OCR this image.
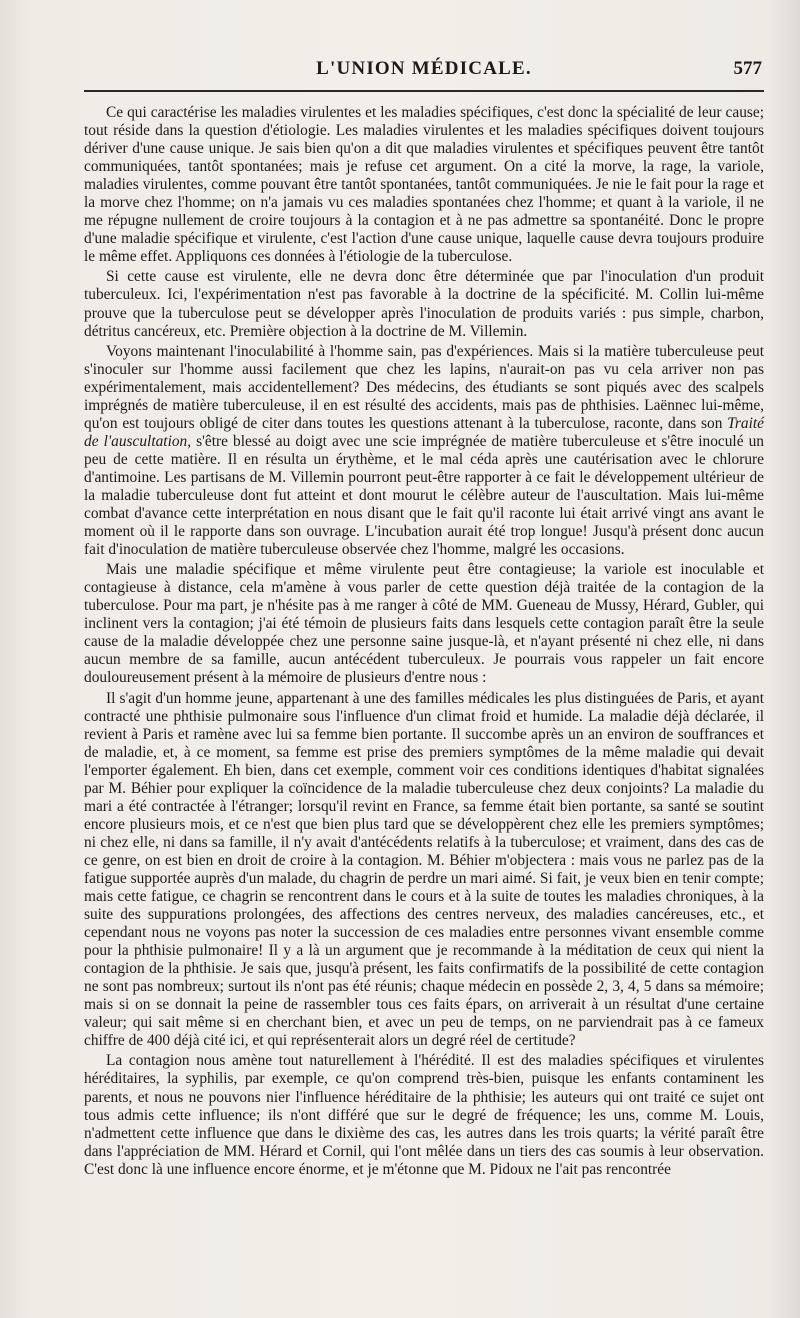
L'UNION MÉDICALE.	577

Ce qui caractérise les maladies virulentes et les maladies spécifiques, c'est donc la spécialité de leur cause; tout réside dans la question d'étiologie. Les maladies virulentes et les maladies spécifiques doivent toujours dériver d'une cause unique. Je sais bien qu'on a dit que maladies virulentes et spécifiques peuvent être tantôt communiquées, tantôt spontanées; mais je refuse cet argument. On a cité la morve, la rage, la variole, maladies virulentes, comme pouvant être tantôt spontanées, tantôt communiquées. Je nie le fait pour la rage et la morve chez l'homme; on n'a jamais vu ces maladies spontanées chez l'homme; et quant à la variole, il ne me répugne nullement de croire toujours à la contagion et à ne pas admettre sa spontanéité. Donc le propre d'une maladie spécifique et virulente, c'est l'action d'une cause unique, laquelle cause devra toujours produire le même effet. Appliquons ces données à l'étiologie de la tuberculose.

Si cette cause est virulente, elle ne devra donc être déterminée que par l'inoculation d'un produit tuberculeux. Ici, l'expérimentation n'est pas favorable à la doctrine de la spécificité. M. Collin lui-même prouve que la tuberculose peut se développer après l'inoculation de produits variés : pus simple, charbon, détritus cancéreux, etc. Première objection à la doctrine de M. Villemin.

Voyons maintenant l'inoculabilité à l'homme sain, pas d'expériences. Mais si la matière tuberculeuse peut s'inoculer sur l'homme aussi facilement que chez les lapins, n'aurait-on pas vu cela arriver non pas expérimentalement, mais accidentellement? Des médecins, des étudiants se sont piqués avec des scalpels imprégnés de matière tuberculeuse, il en est résulté des accidents, mais pas de phthisies. Laënnec lui-même, qu'on est toujours obligé de citer dans toutes les questions attenant à la tuberculose, raconte, dans son Traité de l'auscultation, s'être blessé au doigt avec une scie imprégnée de matière tuberculeuse et s'être inoculé un peu de cette matière. Il en résulta un érythème, et le mal céda après une cautérisation avec le chlorure d'antimoine. Les partisans de M. Villemin pourront peut-être rapporter à ce fait le développement ultérieur de la maladie tuberculeuse dont fut atteint et dont mourut le célèbre auteur de l'auscultation. Mais lui-même combat d'avance cette interprétation en nous disant que le fait qu'il raconte lui était arrivé vingt ans avant le moment où il le rapporte dans son ouvrage. L'incubation aurait été trop longue! Jusqu'à présent donc aucun fait d'inoculation de matière tuberculeuse observée chez l'homme, malgré les occasions.

Mais une maladie spécifique et même virulente peut être contagieuse; la variole est inoculable et contagieuse à distance, cela m'amène à vous parler de cette question déjà traitée de la contagion de la tuberculose. Pour ma part, je n'hésite pas à me ranger à côté de MM. Gueneau de Mussy, Hérard, Gubler, qui inclinent vers la contagion; j'ai été témoin de plusieurs faits dans lesquels cette contagion paraît être la seule cause de la maladie développée chez une personne saine jusque-là, et n'ayant présenté ni chez elle, ni dans aucun membre de sa famille, aucun antécédent tuberculeux. Je pourrais vous rappeler un fait encore douloureusement présent à la mémoire de plusieurs d'entre nous :

Il s'agit d'un homme jeune, appartenant à une des familles médicales les plus distinguées de Paris, et ayant contracté une phthisie pulmonaire sous l'influence d'un climat froid et humide. La maladie déjà déclarée, il revient à Paris et ramène avec lui sa femme bien portante. Il succombe après un an environ de souffrances et de maladie, et, à ce moment, sa femme est prise des premiers symptômes de la même maladie qui devait l'emporter également. Eh bien, dans cet exemple, comment voir ces conditions identiques d'habitat signalées par M. Béhier pour expliquer la coïncidence de la maladie tuberculeuse chez deux conjoints? La maladie du mari a été contractée à l'étranger; lorsqu'il revint en France, sa femme était bien portante, sa santé se soutint encore plusieurs mois, et ce n'est que bien plus tard que se développèrent chez elle les premiers symptômes; ni chez elle, ni dans sa famille, il n'y avait d'antécédents relatifs à la tuberculose; et vraiment, dans des cas de ce genre, on est bien en droit de croire à la contagion. M. Béhier m'objectera : mais vous ne parlez pas de la fatigue supportée auprès d'un malade, du chagrin de perdre un mari aimé. Si fait, je veux bien en tenir compte; mais cette fatigue, ce chagrin se rencontrent dans le cours et à la suite de toutes les maladies chroniques, à la suite des suppurations prolongées, des affections des centres nerveux, des maladies cancéreuses, etc., et cependant nous ne voyons pas noter la succession de ces maladies entre personnes vivant ensemble comme pour la phthisie pulmonaire! Il y a là un argument que je recommande à la méditation de ceux qui nient la contagion de la phthisie. Je sais que, jusqu'à présent, les faits confirmatifs de la possibilité de cette contagion ne sont pas nombreux; surtout ils n'ont pas été réunis; chaque médecin en possède 2, 3, 4, 5 dans sa mémoire; mais si on se donnait la peine de rassembler tous ces faits épars, on arriverait à un résultat d'une certaine valeur; qui sait même si en cherchant bien, et avec un peu de temps, on ne parviendrait pas à ce fameux chiffre de 400 déjà cité ici, et qui représenterait alors un degré réel de certitude?

La contagion nous amène tout naturellement à l'hérédité. Il est des maladies spécifiques et virulentes héréditaires, la syphilis, par exemple, ce qu'on comprend très-bien, puisque les enfants contaminent les parents, et nous ne pouvons nier l'influence héréditaire de la phthisie; les auteurs qui ont traité ce sujet ont tous admis cette influence; ils n'ont différé que sur le degré de fréquence; les uns, comme M. Louis, n'admettent cette influence que dans le dixième des cas, les autres dans les trois quarts; la vérité paraît être dans l'appréciation de MM. Hérard et Cornil, qui l'ont mêlée dans un tiers des cas soumis à leur observation. C'est donc là une influence encore énorme, et je m'étonne que M. Pidoux ne l'ait pas rencontrée
